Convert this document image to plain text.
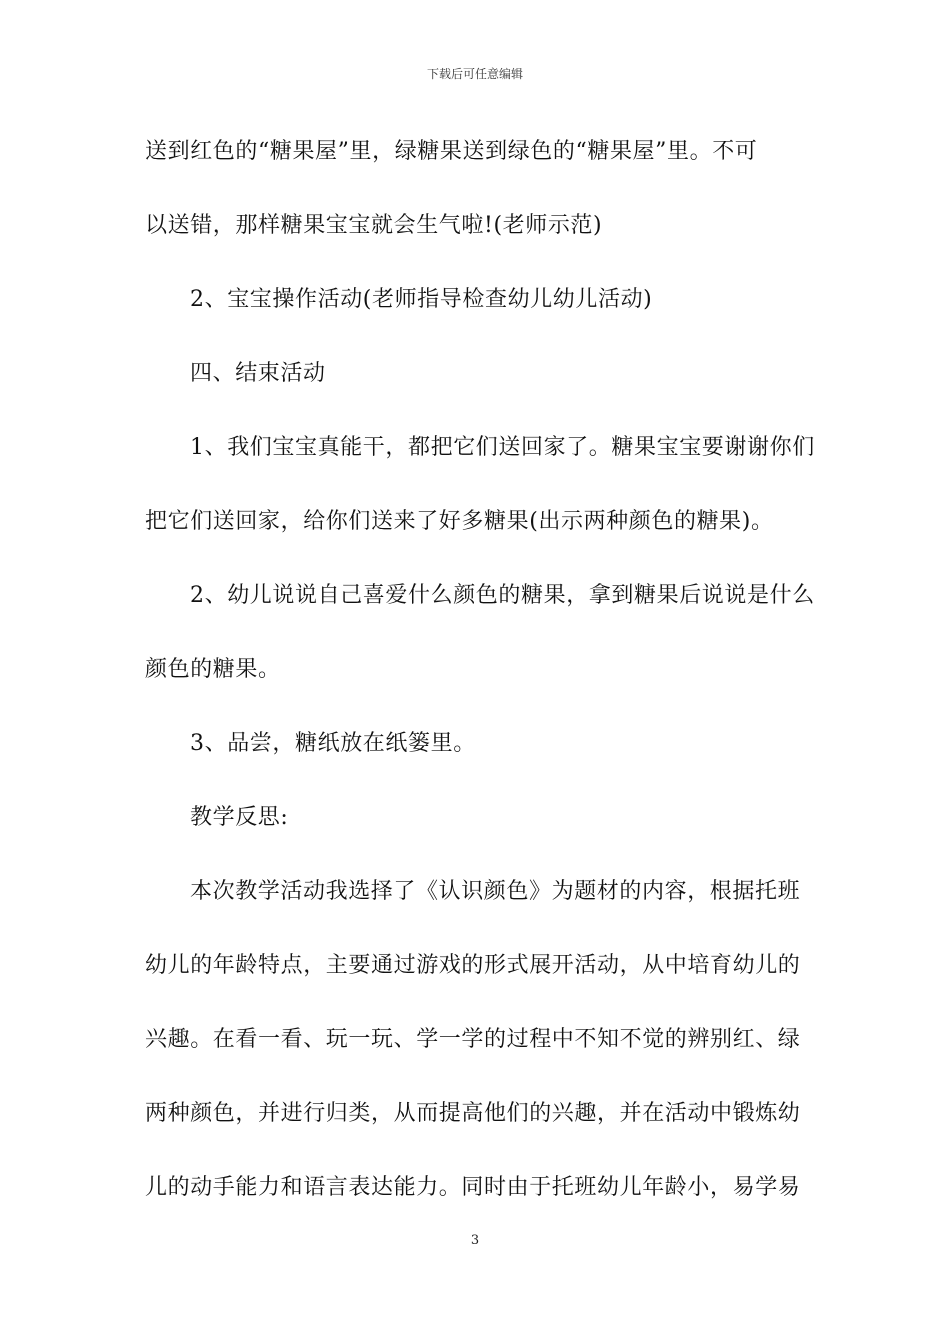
下载后可任意编辑
送到红色的“糖果屋”里，绿糖果送到绿色的“糖果屋”里。不可
以送错，那样糖果宝宝就会生气啦!(老师示范)
2、宝宝操作活动(老师指导检查幼儿幼儿活动)
四、结束活动
1、我们宝宝真能干，都把它们送回家了。糖果宝宝要谢谢你们
把它们送回家，给你们送来了好多糖果(出示两种颜色的糖果)。
2、幼儿说说自己喜爱什么颜色的糖果，拿到糖果后说说是什么
颜色的糖果。
3、品尝，糖纸放在纸篓里。
教学反思:
本次教学活动我选择了《认识颜色》为题材的内容，根据托班
幼儿的年龄特点，主要通过游戏的形式展开活动，从中培育幼儿的
兴趣。在看一看、玩一玩、学一学的过程中不知不觉的辨别红、绿
两种颜色，并进行归类，从而提高他们的兴趣，并在活动中锻炼幼
儿的动手能力和语言表达能力。同时由于托班幼儿年龄小，易学易
3
